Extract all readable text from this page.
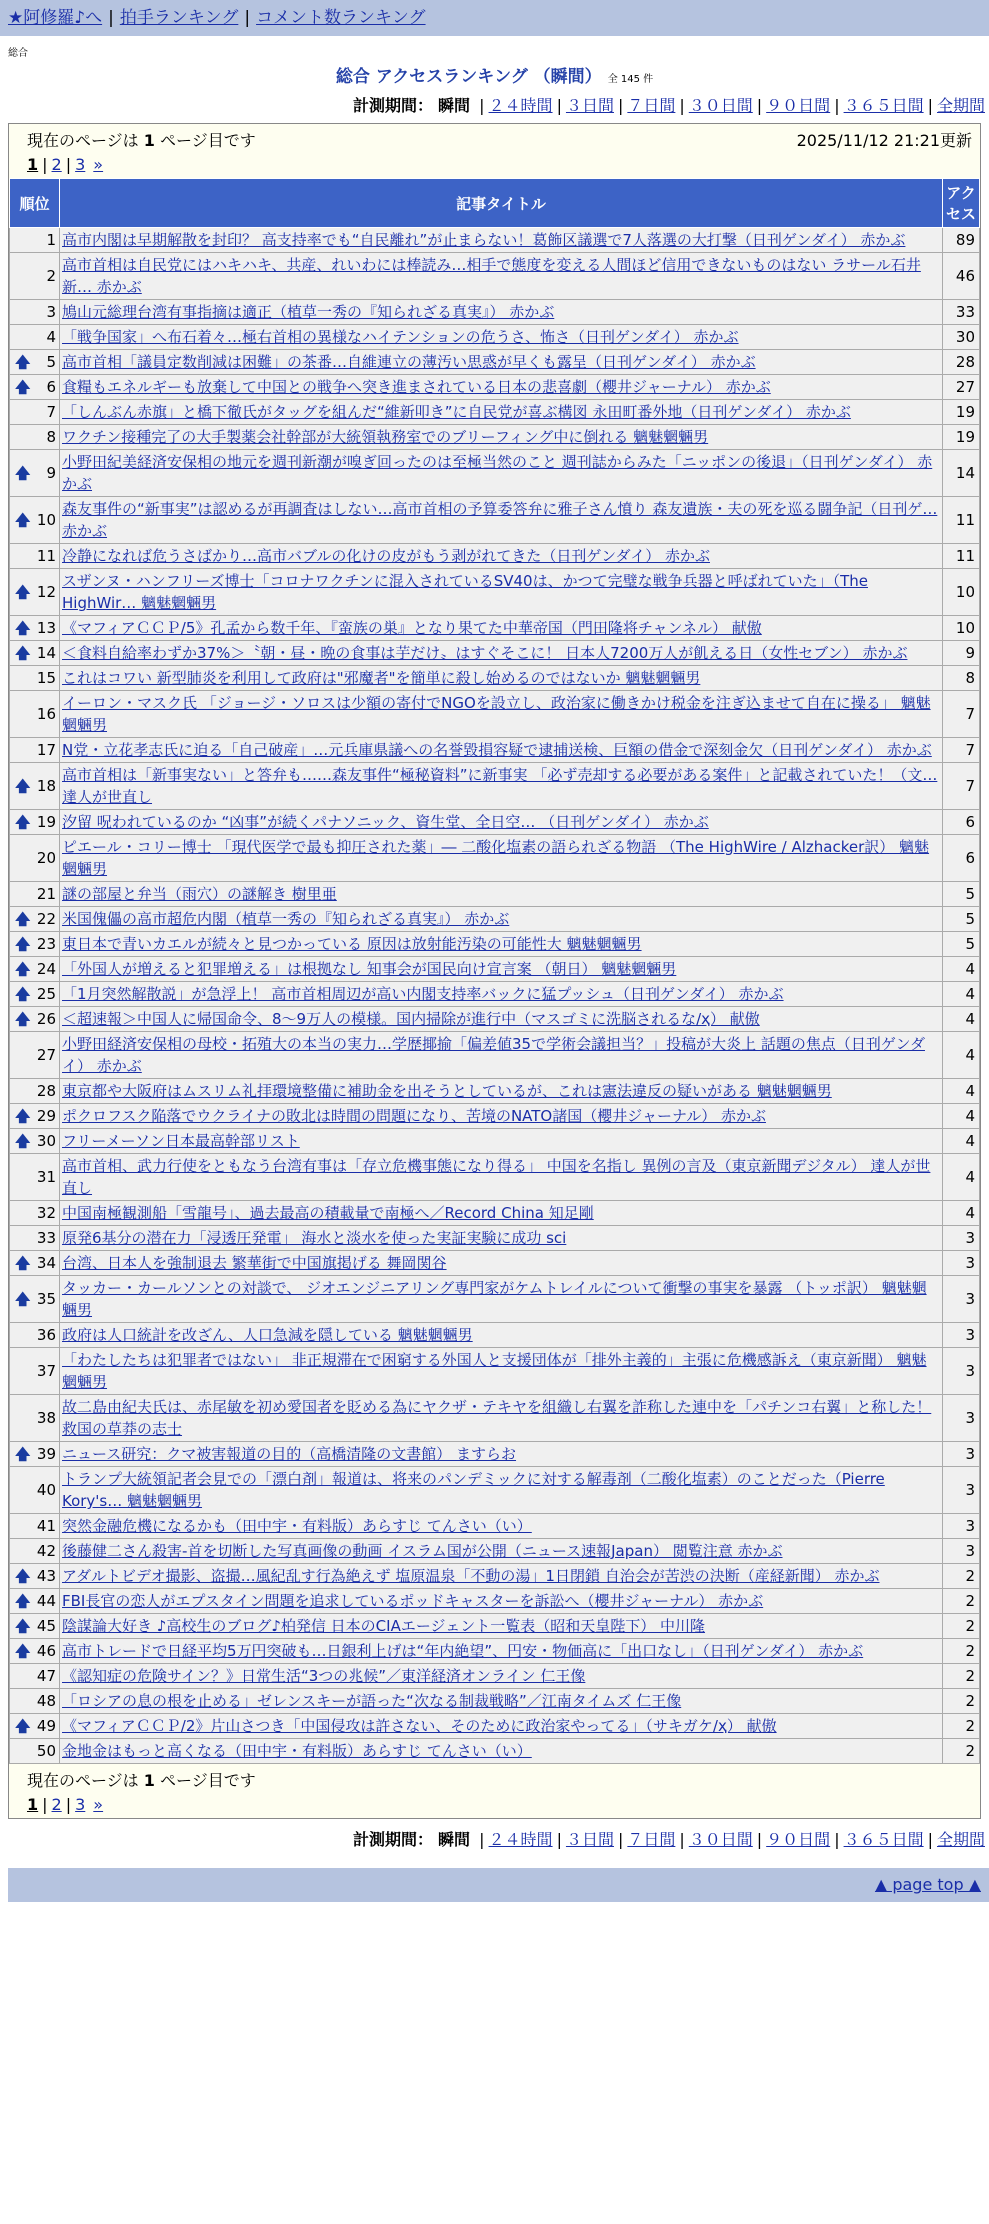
★阿修羅♪へ | 拍手ランキング | コメント数ランキング
総合
総合 アクセスランキング （瞬間） 全 145 件
計測期間： 瞬間 | ２４時間 | ３日間 | ７日間 | ３０日間 | ９０日間 | ３６５日間 | 全期間
現在のページは 1 ページ目です	2025/11/12 21:21更新
1 | 2 | 3 »
順位	記事タイトル	アクセス
1	高市内閣は早期解散を封印？ 高支持率でも“自民離れ”が止まらない！葛飾区議選で7人落選の大打撃（日刊ゲンダイ） 赤かぶ	89
2	高市首相は自民党にはハキハキ、共産、れいわには棒読み…相手で態度を変える人間ほど信用できないものはない ラサール石井 新… 赤かぶ	46
3	鳩山元総理台湾有事指摘は適正（植草一秀の『知られざる真実』） 赤かぶ	33
4	「戦争国家」へ布石着々…極右首相の異様なハイテンションの危うさ、怖さ（日刊ゲンダイ） 赤かぶ	30

🡅 5	高市首相「議員定数削減は困難」の茶番…自維連立の薄汚い思惑が早くも露呈（日刊ゲンダイ） 赤かぶ	28

🡅 6	食糧もエネルギーも放棄して中国との戦争へ突き進まされている日本の悲喜劇（櫻井ジャーナル） 赤かぶ	27
7	「しんぶん赤旗」と橋下徹氏がタッグを組んだ“維新叩き”に自民党が喜ぶ構図 永田町番外地（日刊ゲンダイ） 赤かぶ	19
8	ワクチン接種完了の大手製薬会社幹部が大統領執務室でのブリーフィング中に倒れる 魑魅魍魎男	19

🡅 9	小野田紀美経済安保相の地元を週刊新潮が嗅ぎ回ったのは至極当然のこと 週刊誌からみた「ニッポンの後退」（日刊ゲンダイ） 赤かぶ	14

🡅 10	森友事件の“新事実”は認めるが再調査はしない…高市首相の予算委答弁に雅子さん憤り 森友遺族・夫の死を巡る闘争記（日刊ゲ… 赤かぶ	11
11	冷静になれば危うさばかり…高市バブルの化けの皮がもう剥がれてきた（日刊ゲンダイ） 赤かぶ	11

🡅 12	スザンヌ・ハンフリーズ博士「コロナワクチンに混入されているSV40は、かつて完璧な戦争兵器と呼ばれていた」（The HighWir… 魑魅魍魎男	10

🡅 13	《マフィアＣＣＰ/5》孔孟から数千年、『蛮族の巣』となり果てた中華帝国（門田隆将チャンネル） 献傲	10

🡅 14	＜食料自給率わずか37%＞〝朝・昼・晩の食事は芋だけ〟はすぐそこに！ 日本人7200万人が飢える日（女性セブン） 赤かぶ	9
15	これはコワい 新型肺炎を利用して政府は"邪魔者"を簡単に殺し始めるのではないか 魑魅魍魎男	8
16	イーロン・マスク氏 「ジョージ・ソロスは少額の寄付でNGOを設立し、政治家に働きかけ税金を注ぎ込ませて自在に操る」 魑魅魍魎男	7
17	N党・立花孝志氏に迫る「自己破産」…元兵庫県議への名誉毀損容疑で逮捕送検、巨額の借金で深刻金欠（日刊ゲンダイ） 赤かぶ	7

🡅 18	高市首相は「新事実ない」と答弁も……森友事件“極秘資料”に新事実 「必ず売却する必要がある案件」と記載されていた！（文… 達人が世直し	7

🡅 19	汐留 呪われているのか “凶事”が続くパナソニック、資生堂、全日空… （日刊ゲンダイ） 赤かぶ	6
20	ピエール・コリー博士 「現代医学で最も抑圧された薬」― 二酸化塩素の語られざる物語 （The HighWire / Alzhacker訳） 魑魅魍魎男	6
21	謎の部屋と弁当（雨穴）の謎解き 樹里亜	5

🡅 22	米国傀儡の高市超危内閣（植草一秀の『知られざる真実』） 赤かぶ	5

🡅 23	東日本で青いカエルが続々と見つかっている 原因は放射能汚染の可能性大 魑魅魍魎男	5

🡅 24	「外国人が増えると犯罪増える」は根拠なし 知事会が国民向け宣言案 （朝日） 魑魅魍魎男	4

🡅 25	「1月突然解散説」が急浮上！ 高市首相周辺が高い内閣支持率バックに猛プッシュ（日刊ゲンダイ） 赤かぶ	4

🡅 26	＜超速報＞中国人に帰国命令、8～9万人の模様。国内掃除が進行中（マスゴミに洗脳されるな/ҳ） 献傲	4
27	小野田経済安保相の母校・拓殖大の本当の実力…学歴揶揄「偏差値35で学術会議担当？」投稿が大炎上 話題の焦点（日刊ゲンダイ） 赤かぶ	4
28	東京都や大阪府はムスリム礼拝環境整備に補助金を出そうとしているが、これは憲法違反の疑いがある 魑魅魍魎男	4

🡅 29	ポクロフスク陥落でウクライナの敗北は時間の問題になり、苦境のNATO諸国（櫻井ジャーナル） 赤かぶ	4

🡅 30	フリーメーソン日本最高幹部リスト	4
31	高市首相、武力行使をともなう台湾有事は「存立危機事態になり得る」 中国を名指し 異例の言及（東京新聞デジタル） 達人が世直し	4
32	中国南極観測船「雪龍号」、過去最高の積載量で南極へ／Record China 知足剛	4
33	原発6基分の潜在力「浸透圧発電」 海水と淡水を使った実証実験に成功 sci	3

🡅 34	台湾、日本人を強制退去 繁華街で中国旗掲げる 舞岡関谷	3

🡅 35	タッカー・カールソンとの対談で、 ジオエンジニアリング専門家がケムトレイルについて衝撃の事実を暴露 （トッポ訳） 魑魅魍魎男	3
36	政府は人口統計を改ざん、人口急減を隠している 魑魅魍魎男	3
37	「わたしたちは犯罪者ではない」 非正規滞在で困窮する外国人と支援団体が「排外主義的」主張に危機感訴え（東京新聞） 魑魅魍魎男	3
38	故二島由紀夫氏は、赤尾敏を初め愛国者を貶める為にヤクザ・テキヤを組織し右翼を詐称した連中を「パチンコ右翼」と称した！ 救国の草莽の志士	3

🡅 39	ニュース研究：クマ被害報道の目的（高橋清隆の文書館） ますらお	3
40	トランプ大統領記者会見での「漂白剤」報道は、将来のパンデミックに対する解毒剤（二酸化塩素）のことだった（Pierre Kory's… 魑魅魍魎男	3
41	突然金融危機になるかも（田中宇・有料版）あらすじ てんさい（い）	3
42	後藤健二さん殺害-首を切断した写真画像の動画 イスラム国が公開（ニュース速報Japan） 閲覧注意 赤かぶ	3

🡅 43	アダルトビデオ撮影、盗撮…風紀乱す行為絶えず 塩原温泉「不動の湯」1日閉鎖 自治会が苦渋の決断（産経新聞） 赤かぶ	2

🡅 44	FBI長官の恋人がエプスタイン問題を追求しているポッドキャスターを訴訟へ（櫻井ジャーナル） 赤かぶ	2

🡅 45	陰謀論大好き ♪高校生のブログ♪柏発信 日本のCIAエージェント一覧表（昭和天皇陛下） 中川隆	2

🡅 46	高市トレードで日経平均5万円突破も…日銀利上げは“年内絶望”、円安・物価高に「出口なし」（日刊ゲンダイ） 赤かぶ	2
47	《認知症の危険サイン？》日常生活“3つの兆候”／東洋経済オンライン 仁王像	2
48	「ロシアの息の根を止める」ゼレンスキーが語った“次なる制裁戦略”／江南タイムズ 仁王像	2

🡅 49	《マフィアＣＣＰ/2》片山さつき「中国侵攻は許さない、そのために政治家やってる」（サキガケ/ҳ） 献傲	2
50	金地金はもっと高くなる（田中宇・有料版）あらすじ てんさい（い）	2
現在のページは 1 ページ目です
1 | 2 | 3 »
計測期間： 瞬間 | ２４時間 | ３日間 | ７日間 | ３０日間 | ９０日間 | ３６５日間 | 全期間
▲ page top ▲
